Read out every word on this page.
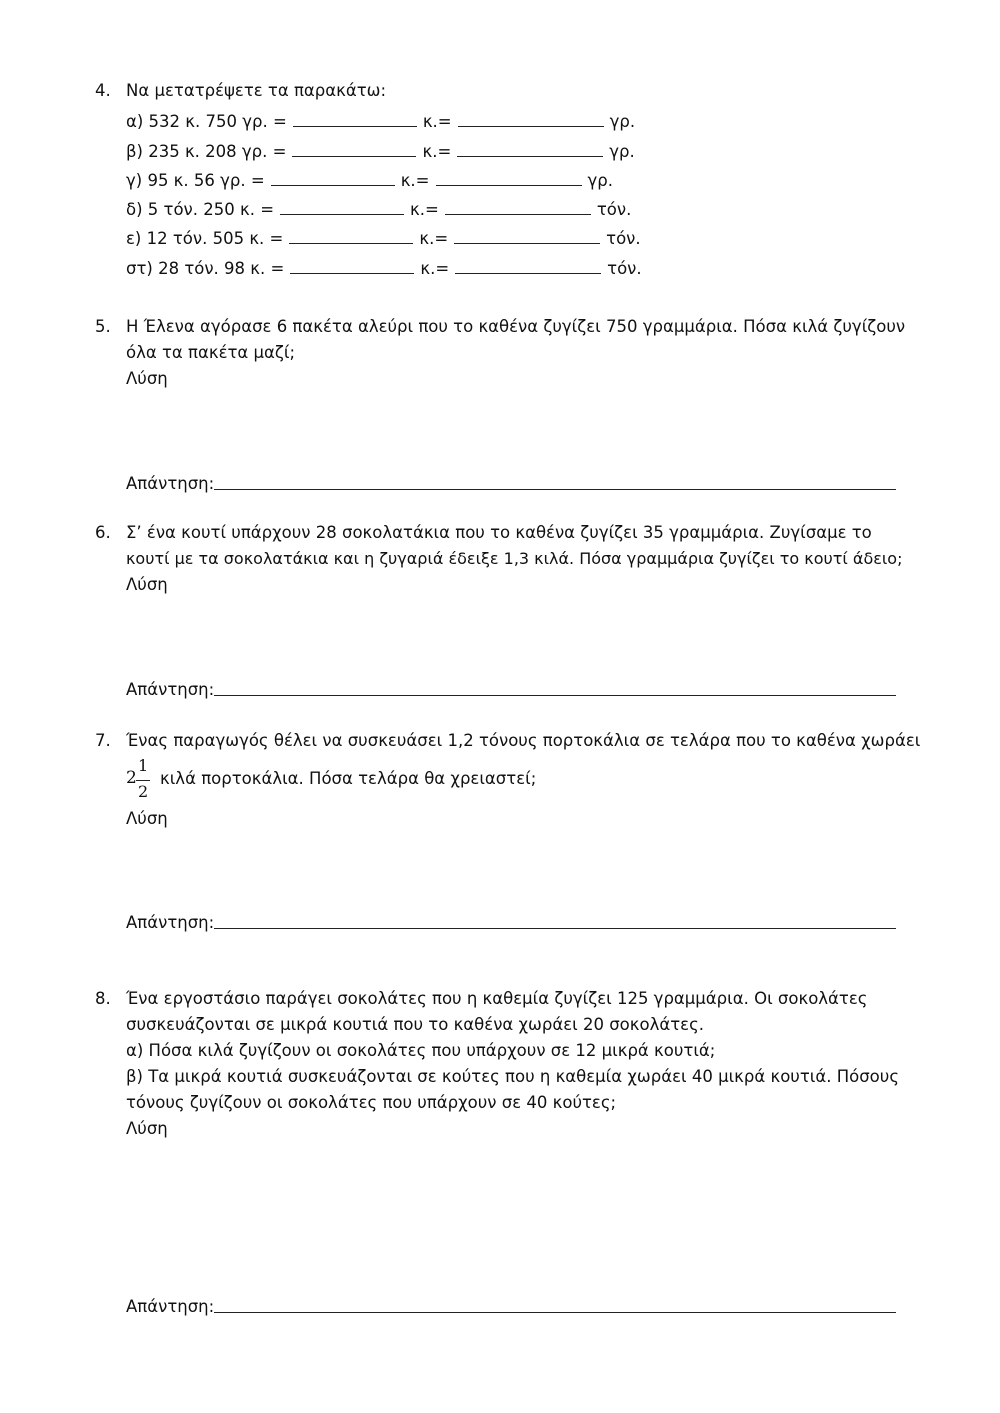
4. Να μετατρέψετε τα παρακάτω:
α) 532 κ. 750 γρ. =	κ.=	γρ.
β) 235 κ. 208 γρ. =	κ.=	γρ.
γ) 95 κ. 56 γρ. =	κ.=	γρ.
δ) 5 τόν. 250 κ. =	κ.=	τόν.
ε) 12 τόν. 505 κ. =	κ.=	τόν.
στ) 28 τόν. 98 κ. =	κ.=	τόν.
5. Η Έλενα αγόρασε 6 πακέτα αλεύρι που το καθένα ζυγίζει 750 γραμμάρια. Πόσα κιλά ζυγίζουν
όλα τα πακέτα μαζί;
Λύση
Απάντηση:
6. Σ’ ένα κουτί υπάρχουν 28 σοκολατάκια που το καθένα ζυγίζει 35 γραμμάρια. Ζυγίσαμε το
κουτί με τα σοκολατάκια και η ζυγαριά έδειξε 1,3 κιλά. Πόσα γραμμάρια ζυγίζει το κουτί άδειο;
Λύση
Απάντηση:
7. Ένας παραγωγός θέλει να συσκευάσει 1,2 τόνους πορτοκάλια σε τελάρα που το καθένα χωράει
2
1
2
κιλά πορτοκάλια. Πόσα τελάρα θα χρειαστεί;
Λύση
Απάντηση:
8. Ένα εργοστάσιο παράγει σοκολάτες που η καθεμία ζυγίζει 125 γραμμάρια. Οι σοκολάτες
συσκευάζονται σε μικρά κουτιά που το καθένα χωράει 20 σοκολάτες.
α) Πόσα κιλά ζυγίζουν οι σοκολάτες που υπάρχουν σε 12 μικρά κουτιά;
β) Τα μικρά κουτιά συσκευάζονται σε κούτες που η καθεμία χωράει 40 μικρά κουτιά. Πόσους
τόνους ζυγίζουν οι σοκολάτες που υπάρχουν σε 40 κούτες;
Λύση
Απάντηση:
